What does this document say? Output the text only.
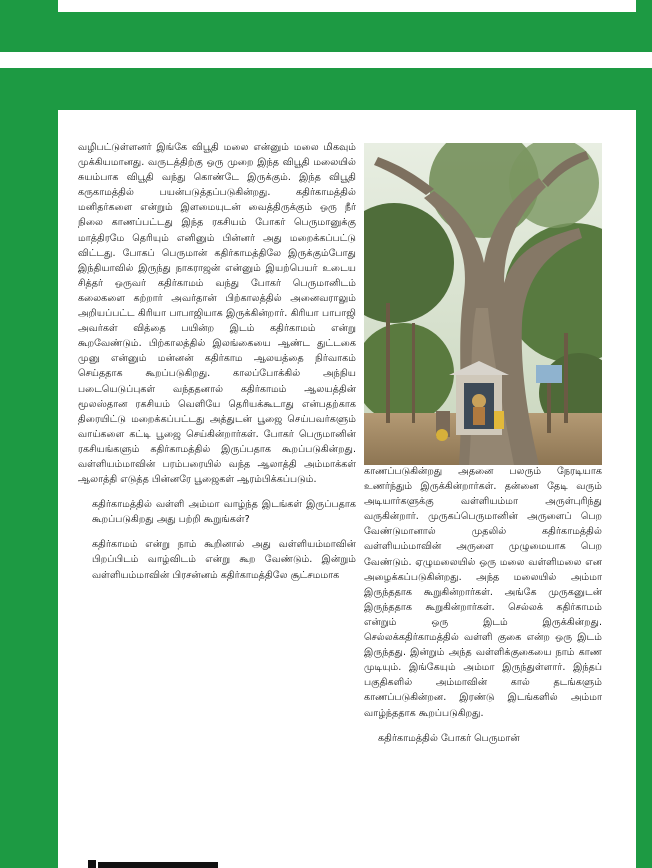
வழிபட்டுள்ளனர் இங்கே விபூதி மலை என்னும் மலை மிகவும் முக்கியமானது. வருடத்திற்கு ஒரு முறை இந்த விபூதி மலையில் சுயம்பாக விபூதி வந்து கொண்டே இருக்கும். இந்த விபூதி கருகாமத்தில் பயன்படுத்தப்படுகின்றது. கதிர்காமத்தில் மனிதர்களை என்றும் இளமையுடன் வைத்திருக்கும் ஒரு நீர் நிலை காணப்பட்டது இந்த ரகசியம் போகர் பெருமானுக்கு மாத்திரமே தெரியும் எனினும் பின்னர் அது மறைக்கப்பட்டு விட்டது. போகப் பெருமான் கதிர்காமத்திலே இருக்கும்போது இந்தியாவில் இருந்து நாகராஜன் என்னும் இயற்பெயர் உடைய சித்தர் ஒருவர் கதிர்காமம் வந்து போகர் பெருமானிடம் கலைகளை கற்றார் அவர்தான் பிற்காலத்தில் அனைவராலும் அறியப்பட்ட கிரியா பாபாஜியாக இருக்கின்றார். கிரியா பாபாஜி அவர்கள் வித்தை பயின்ற இடம் கதிர்காமம் என்று கூறவேண்டும். பிற்காலத்தில் இலங்கையை ஆண்ட துட்டகை முனு என்னும் மன்னன் கதிர்காம ஆலயத்தை நிர்வாகம் செய்ததாக கூறப்படுகிறது. காலப்போக்கில் அந்நிய படையெடுப்புகள் வந்ததனால் கதிர்காமம் ஆலயத்தின் மூலஸ்தான ரகசியம் வெளியே தெரியக்கூடாது என்பதற்காக திரையிட்டு மறைக்கப்பட்டது அத்துடன் பூஜை செய்பவர்களும் வாய்களை கட்டி பூஜை செய்கின்றார்கள். போகர் பெருமானின் ரகசியங்களும் கதிர்காமத்தில் இருப்பதாக கூறப்படுகின்றது. வள்ளியம்மாவின் பரம்பரையில் வந்த ஆலாத்தி அம்மாக்கள் ஆலாத்தி எடுத்த பின்னரே பூஜைகள் ஆரம்பிக்கப்படும்.

கதிர்காமத்தில் வள்ளி அம்மா வாழ்ந்த இடங்கள் இருப்பதாக கூறப்படுகிறது அது பற்றி கூறுங்கள்?

கதிர்காமம் என்று நாம் கூறினால் அது வள்ளியம்மாவின் பிறப்பிடம் வாழ்விடம் என்று கூற வேண்டும். இன்றும் வள்ளியம்மாவின் பிரசன்னம் கதிர்காமத்திலே சூட்சமமாக

காணப்படுகின்றது அதனை பலரும் நேரடியாக உணர்ந்தும் இருக்கின்றார்கள். தன்னை தேடி வரும் அடியார்களுக்கு வள்ளியம்மா அருள்புரிந்து வருகின்றார். முருகப்பெருமானின் அருளைப் பெற வேண்டுமானால் முதலில் கதிர்காமத்தில் வள்ளியம்மாவின் அருளை முழுமையாக பெற வேண்டும். ஏழுமலையில் ஒரு மலை வள்ளிமலை என அழைக்கப்படுகின்றது. அந்த மலையில் அம்மா இருந்ததாக கூறுகின்றார்கள். அங்கே முருகனுடன் இருந்ததாக கூறுகின்றார்கள். செல்லக் கதிர்காமம் என்றும் ஒரு இடம் இருக்கின்றது. செல்லக்கதிர்காமத்தில் வள்ளி குகை என்ற ஒரு இடம் இருந்தது. இன்றும் அந்த வள்ளிக்குகையை நாம் காண முடியும். இங்கேயும் அம்மா இருந்துள்ளார். இந்தப் பகுதிகளில் அம்மாவின் கால் தடங்களும் காணப்படுகின்றன. இரண்டு இடங்களில் அம்மா வாழ்ந்ததாக கூறப்படுகிறது.

கதிர்காமத்தில் போகர் பெருமான்
